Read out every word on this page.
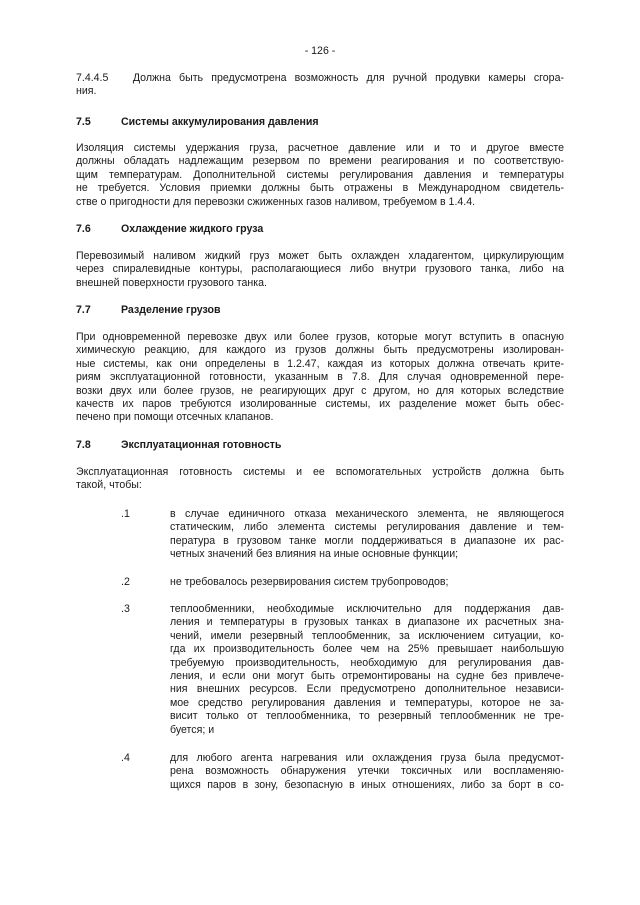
- 126 -
7.4.4.5 Должна быть предусмотрена возможность для ручной продувки камеры сгора-
ния.
7.5	Системы аккумулирования давления
Изоляция системы удержания груза, расчетное давление или и то и другое вместе
должны обладать надлежащим резервом по времени реагирования и по соответствую-
щим температурам. Дополнительной системы регулирования давления и температуры
не требуется. Условия приемки должны быть отражены в Международном свидетель-
стве о пригодности для перевозки сжиженных газов наливом, требуемом в 1.4.4.
7.6	Охлаждение жидкого груза
Перевозимый наливом жидкий груз может быть охлажден хладагентом, циркулирующим
через спиралевидные контуры, располагающиеся либо внутри грузового танка, либо на
внешней поверхности грузового танка.
7.7	Разделение грузов
При одновременной перевозке двух или более грузов, которые могут вступить в опасную
химическую реакцию, для каждого из грузов должны быть предусмотрены изолирован-
ные системы, как они определены в 1.2.47, каждая из которых должна отвечать крите-
риям эксплуатационной готовности, указанным в 7.8. Для случая одновременной пере-
возки двух или более грузов, не реагирующих друг с другом, но для которых вследствие
качеств их паров требуются изолированные системы, их разделение может быть обес-
печено при помощи отсечных клапанов.
7.8	Эксплуатационная готовность
Эксплуатационная готовность системы и ее вспомогательных устройств должна быть
такой, чтобы:
.1	в случае единичного отказа механического элемента, не являющегося
статическим, либо элемента системы регулирования давление и тем-
пература в грузовом танке могли поддерживаться в диапазоне их рас-
четных значений без влияния на иные основные функции;
.2	не требовалось резервирования систем трубопроводов;
.3	теплообменники, необходимые исключительно для поддержания дав-
ления и температуры в грузовых танках в диапазоне их расчетных зна-
чений, имели резервный теплообменник, за исключением ситуации, ко-
гда их производительность более чем на 25% превышает наибольшую
требуемую производительность, необходимую для регулирования дав-
ления, и если они могут быть отремонтированы на судне без привлече-
ния внешних ресурсов. Если предусмотрено дополнительное незавиcи-
мое средство регулирования давления и температуры, которое не за-
висит только от теплообменника, то резервный теплообменник не тре-
буется; и
.4	для любого агента нагревания или охлаждения груза была предусмот-
рена возможность обнаружения утечки токсичных или воспламеняю-
щихся паров в зону, безопасную в иных отношениях, либо за борт в со-
